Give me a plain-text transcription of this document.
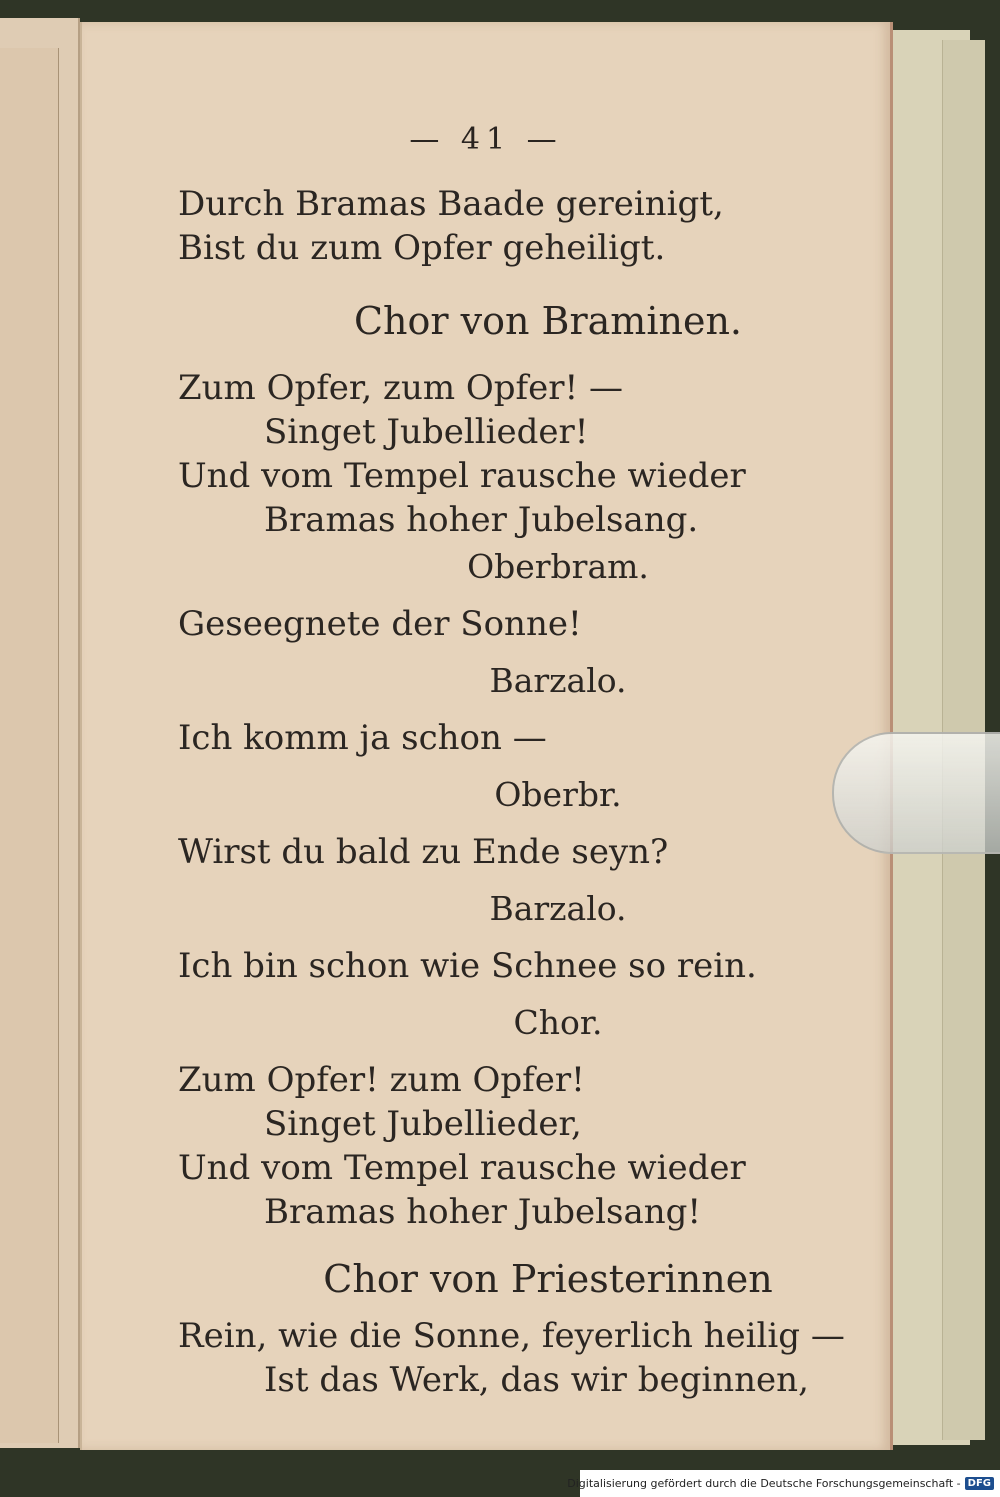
— 41 —
Durch Bramas Baade gereinigt,
Bist du zum Opfer geheiligt.
Chor von Braminen.
Zum Opfer, zum Opfer! —
Singet Jubellieder!
Und vom Tempel rausche wieder
Bramas hoher Jubelsang.
Oberbram.
Geseegnete der Sonne!
Barzalo.
Ich komm ja schon —
Oberbr.
Wirst du bald zu Ende seyn?
Barzalo.
Ich bin schon wie Schnee so rein.
Chor.
Zum Opfer! zum Opfer!
Singet Jubellieder,
Und vom Tempel rausche wieder
Bramas hoher Jubelsang!
Chor von Priesterinnen
Rein, wie die Sonne, feyerlich heilig —
Ist das Werk, das wir beginnen,
Digitalisierung gefördert durch die Deutsche Forschungsgemeinschaft - DFG
